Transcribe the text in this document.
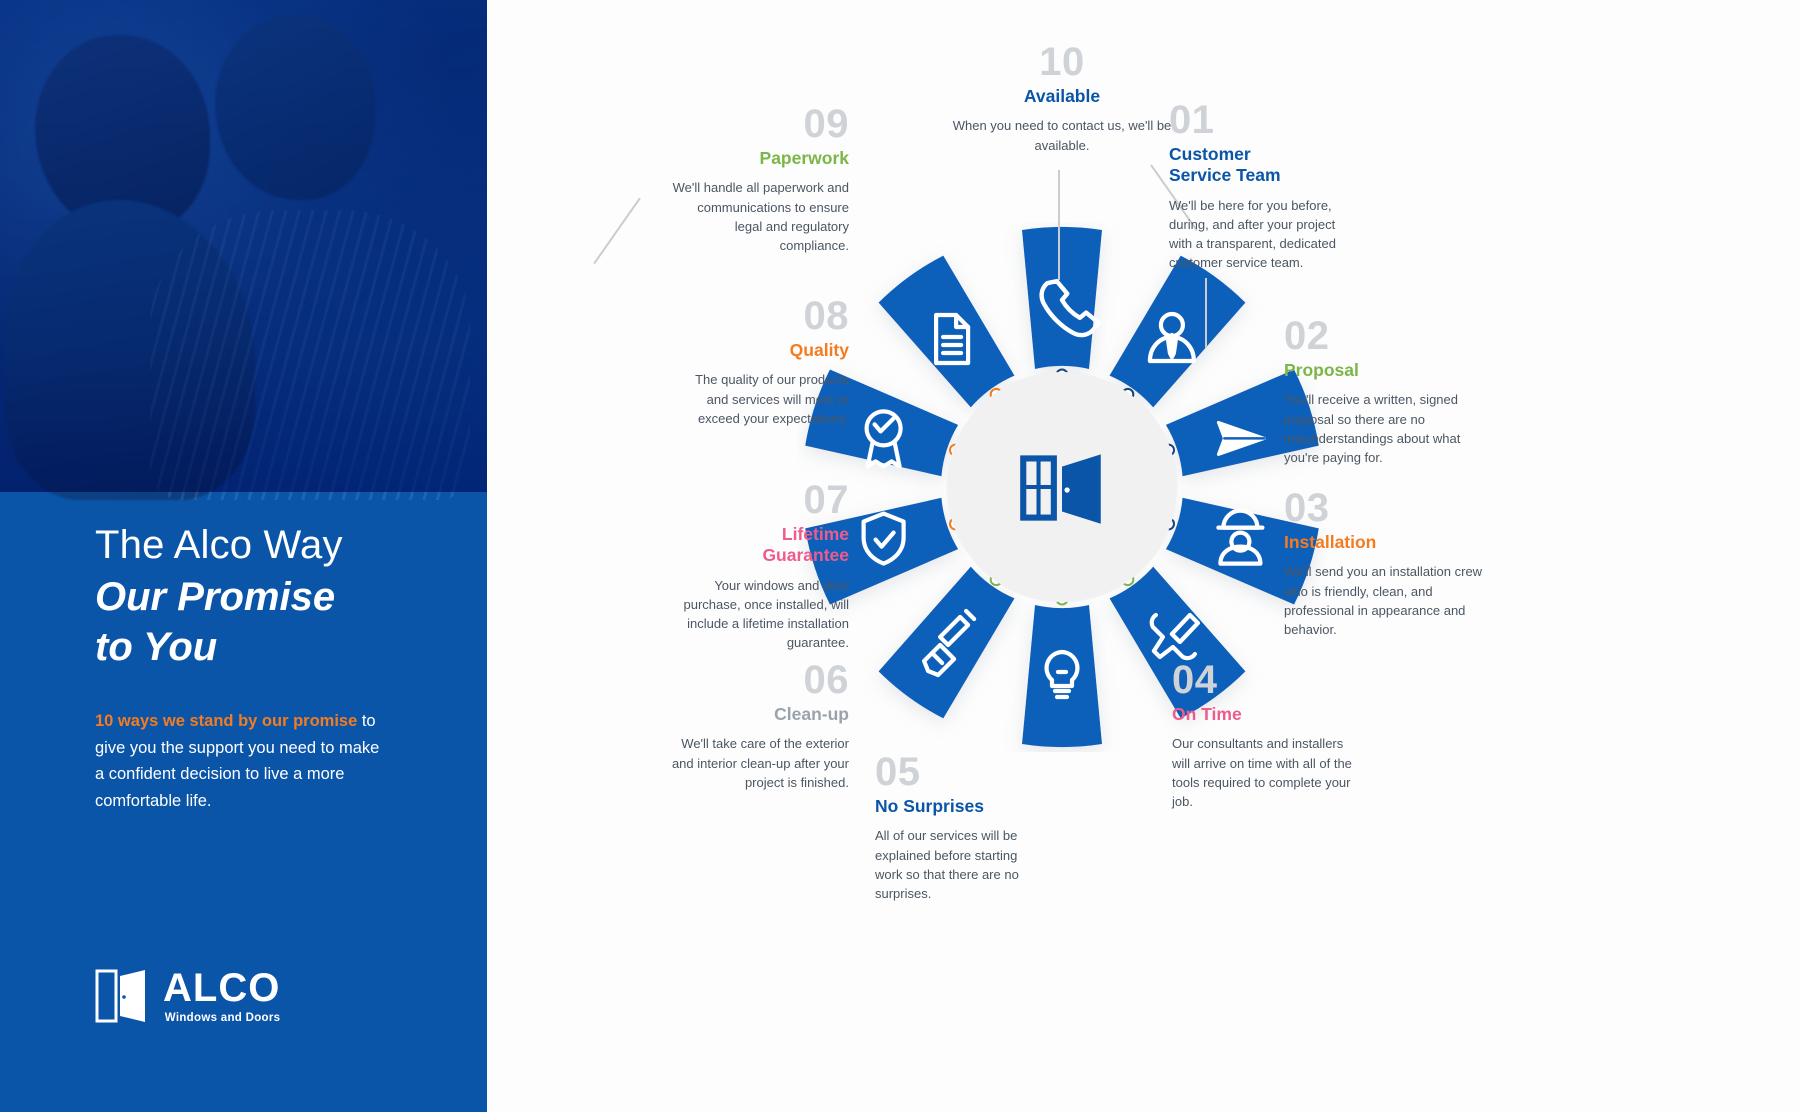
The Alco Way
Our Promise
to You

10 ways we stand by our promise to give you the support you need to make a confident decision to live a more comfortable life.

ALCO
Windows and Doors
10
Available
When you need to contact us, we'll be available.
01
Customer
Service Team
We'll be here for you before, during, and after your project with a transparent, dedicated customer service team.
02
Proposal
You'll receive a written, signed proposal so there are no misunderstandings about what you're paying for.
03
Installation
We'll send you an installation crew who is friendly, clean, and professional in appearance and behavior.
04
On Time
Our consultants and installers will arrive on time with all of the tools required to complete your job.
05
No Surprises
All of our services will be explained before starting work so that there are no surprises.
06
Clean-up
We'll take care of the exterior and interior clean-up after your project is finished.
07
Lifetime
Guarantee
Your windows and door purchase, once installed, will include a lifetime installation guarantee.
08
Quality
The quality of our products and services will meet or exceed your expectations.
09
Paperwork
We'll handle all paperwork and communications to ensure legal and regulatory compliance.
